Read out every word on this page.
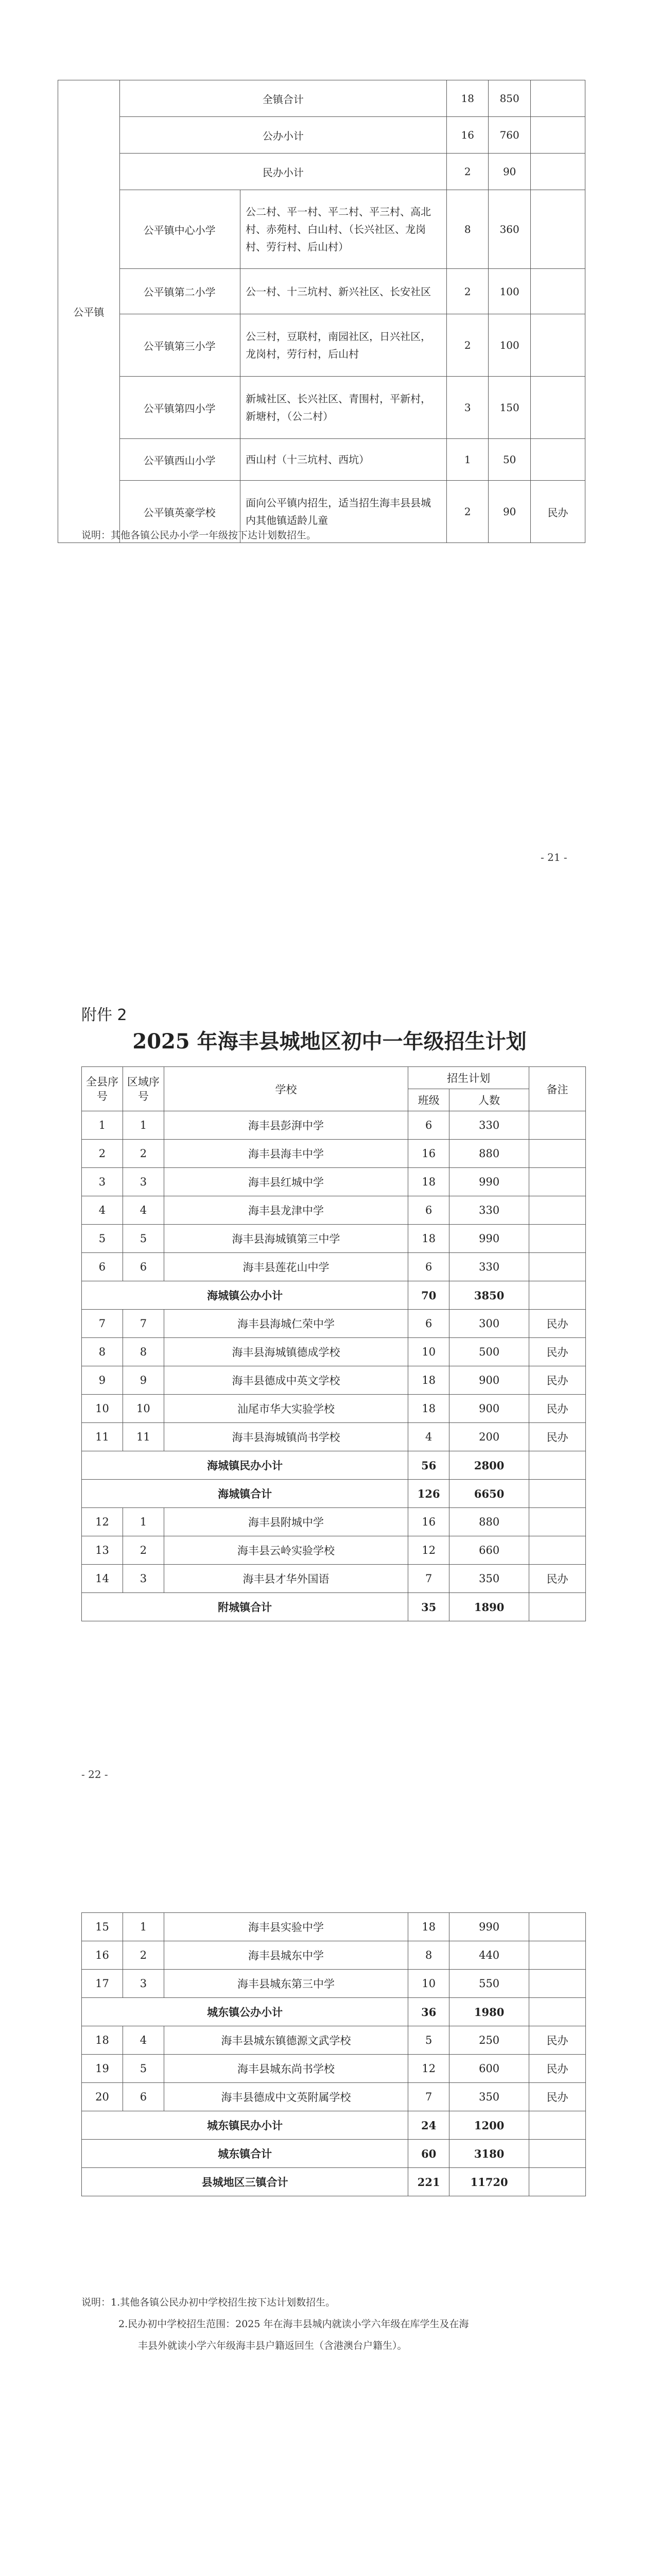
公平镇	全镇合计		18	850	
	公办小计		16	760	
	民办小计		2	90	
	公平镇中心小学	公二村、平一村、平二村、平三村、高北村、赤苑村、白山村、（长兴社区、龙岗村、劳行村、后山村）	8	360	
	公平镇第二小学	公一村、十三坑村、新兴社区、长安社区	2	100	
	公平镇第三小学	公三村，豆联村，南园社区，日兴社区，龙岗村，劳行村，后山村	2	100	
	公平镇第四小学	新城社区、长兴社区、青围村，平新村，新塘村，（公二村）	3	150	
	公平镇西山小学	西山村（十三坑村、西坑）	1	50	
	公平镇英豪学校	面向公平镇内招生，适当招生海丰县县城内其他镇适龄儿童	2	90	民办
说明：其他各镇公民办小学一年级按下达计划数招生。
- 21 -
附件 2
2025 年海丰县城地区初中一年级招生计划
全县序号	区域序号	学校	招生计划		备注
			班级	人数	
1	1	海丰县彭湃中学	6	330	
2	2	海丰县海丰中学	16	880	
3	3	海丰县红城中学	18	990	
4	4	海丰县龙津中学	6	330	
5	5	海丰县海城镇第三中学	18	990	
6	6	海丰县莲花山中学	6	330	
海城镇公办小计			70	3850	
7	7	海丰县海城仁荣中学	6	300	民办
8	8	海丰县海城镇德成学校	10	500	民办
9	9	海丰县德成中英文学校	18	900	民办
10	10	汕尾市华大实验学校	18	900	民办
11	11	海丰县海城镇尚书学校	4	200	民办
海城镇民办小计			56	2800	
海城镇合计			126	6650	
12	1	海丰县附城中学	16	880	
13	2	海丰县云岭实验学校	12	660	
14	3	海丰县才华外国语	7	350	民办
附城镇合计			35	1890	
- 22 -
15	1	海丰县实验中学	18	990	
16	2	海丰县城东中学	8	440	
17	3	海丰县城东第三中学	10	550	
城东镇公办小计			36	1980	
18	4	海丰县城东镇德源文武学校	5	250	民办
19	5	海丰县城东尚书学校	12	600	民办
20	6	海丰县德成中文英附属学校	7	350	民办
城东镇民办小计			24	1200	
城东镇合计			60	3180	
县城地区三镇合计			221	11720	
说明：1.其他各镇公民办初中学校招生按下达计划数招生。
2.民办初中学校招生范围：2025 年在海丰县城内就读小学六年级在库学生及在海
丰县外就读小学六年级海丰县户籍返回生（含港澳台户籍生）。
